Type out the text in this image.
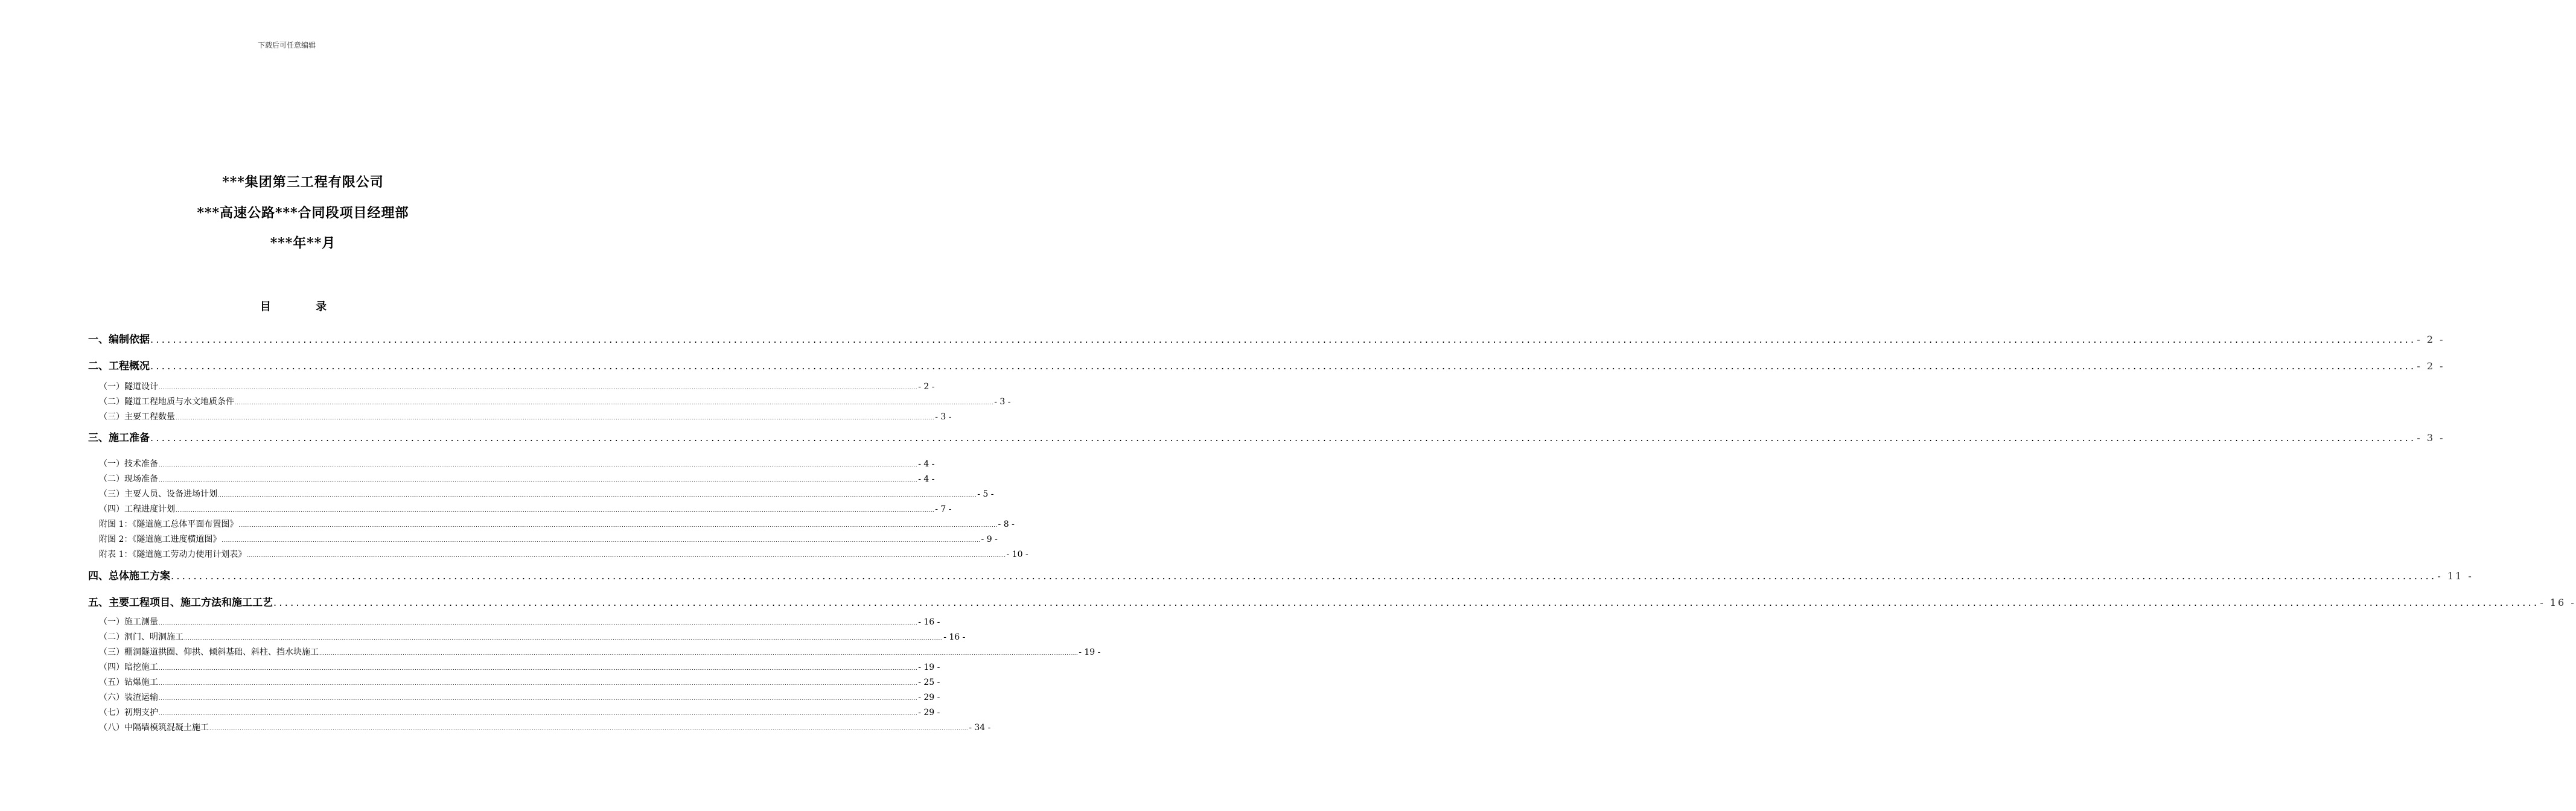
下载后可任意编辑
***集团第三工程有限公司
***高速公路***合同段项目经理部
***年**月
目 录
一、编制依据 ................................................................................................................................................................................................................................................................................................................................................................................................................ - 2 -
二、工程概况 ................................................................................................................................................................................................................................................................................................................................................................................................................ - 2 -
（一）隧道设计 ................................................................................................................................................................................................................................................................................................................................................................................................................ - 2 -
（二）隧道工程地质与水文地质条件 ................................................................................................................................................................................................................................................................................................................................................................................................................ - 3 -
（三）主要工程数量 ................................................................................................................................................................................................................................................................................................................................................................................................................ - 3 -
三、施工准备 ................................................................................................................................................................................................................................................................................................................................................................................................................ - 3 -
（一）技术准备 ................................................................................................................................................................................................................................................................................................................................................................................................................ - 4 -
（二）现场准备 ................................................................................................................................................................................................................................................................................................................................................................................................................ - 4 -
（三）主要人员、设备进场计划 ................................................................................................................................................................................................................................................................................................................................................................................................................ - 5 -
（四）工程进度计划 ................................................................................................................................................................................................................................................................................................................................................................................................................ - 7 -
附图 1：《隧道施工总体平面布置图》 ................................................................................................................................................................................................................................................................................................................................................................................................................ - 8 -
附图 2：《隧道施工进度横道图》 ................................................................................................................................................................................................................................................................................................................................................................................................................ - 9 -
附表 1：《隧道施工劳动力使用计划表》 ................................................................................................................................................................................................................................................................................................................................................................................................................ - 10 -
四、总体施工方案 ................................................................................................................................................................................................................................................................................................................................................................................................................ - 11 -
五、主要工程项目、施工方法和施工工艺 ................................................................................................................................................................................................................................................................................................................................................................................................................ - 16 -
（一）施工测量 ................................................................................................................................................................................................................................................................................................................................................................................................................ - 16 -
（二）洞门、明洞施工 ................................................................................................................................................................................................................................................................................................................................................................................................................ - 16 -
（三）棚洞隧道拱圈、仰拱、倾斜基础、斜柱、挡水块施工 ................................................................................................................................................................................................................................................................................................................................................................................................................ - 19 -
（四）暗挖施工 ................................................................................................................................................................................................................................................................................................................................................................................................................ - 19 -
（五）钻爆施工 ................................................................................................................................................................................................................................................................................................................................................................................................................ - 25 -
（六）装渣运输 ................................................................................................................................................................................................................................................................................................................................................................................................................ - 29 -
（七）初期支护 ................................................................................................................................................................................................................................................................................................................................................................................................................ - 29 -
（八）中隔墙模筑混凝土施工 ................................................................................................................................................................................................................................................................................................................................................................................................................ - 34 -
